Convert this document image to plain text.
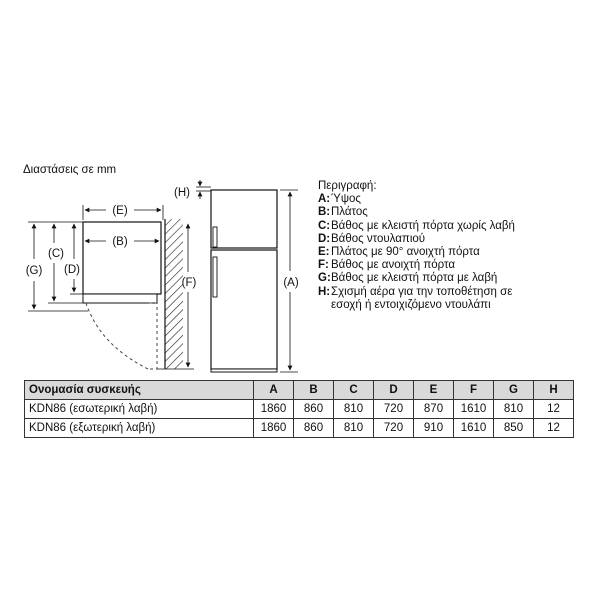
Διαστάσεις σε mm
(E)
(B)
(G)
(C)
(D)
(F)
(H)
(A)
Περιγραφή:
A: Ύψος
B: Πλάτος
C: Βάθος με κλειστή πόρτα χωρίς λαβή
D: Βάθος ντουλαπιού
E: Πλάτος με 90° ανοιχτή πόρτα
F: Βάθος με ανοιχτή πόρτα
G: Βάθος με κλειστή πόρτα με λαβή
H: Σχισμή αέρα για την τοποθέτηση σε
εσοχή ή εντοιχιζόμενο ντουλάπι
Ονομασία συσκευής	A	B	C	D	E	F	G	H
KDN86 (εσωτερική λαβή)	1860	860	810	720	870	1610	810	12
KDN86 (εξωτερική λαβή)	1860	860	810	720	910	1610	850	12
